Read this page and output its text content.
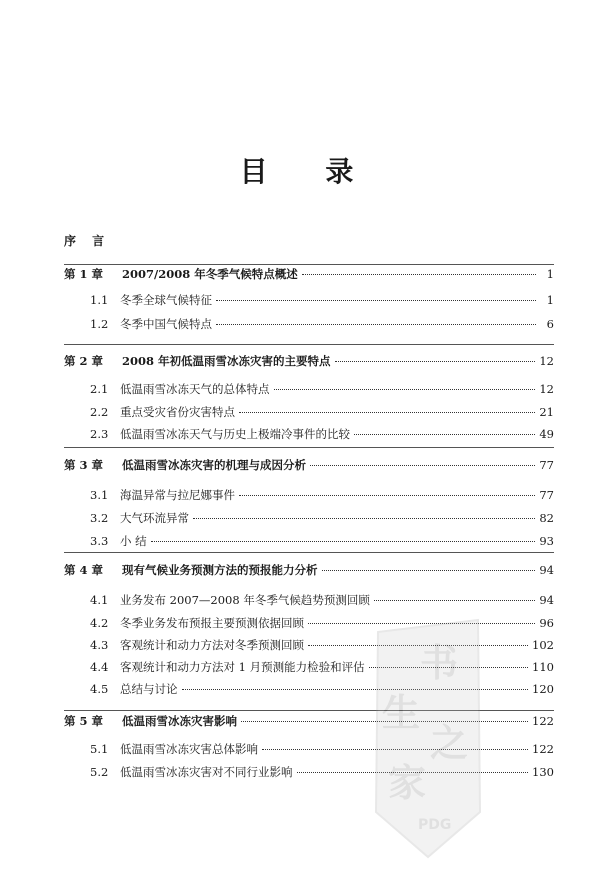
目 录
序 言
第 1 章	2007/2008 年冬季气候特点概述	1
1.1	冬季全球气候特征	1
1.2	冬季中国气候特点	6
第 2 章	2008 年初低温雨雪冰冻灾害的主要特点	12
2.1	低温雨雪冰冻天气的总体特点	12
2.2	重点受灾省份灾害特点	21
2.3	低温雨雪冰冻天气与历史上极端冷事件的比较	49
第 3 章	低温雨雪冰冻灾害的机理与成因分析	77
3.1	海温异常与拉尼娜事件	77
3.2	大气环流异常	82
3.3	小 结	93
第 4 章	现有气候业务预测方法的预报能力分析	94
4.1	业务发布 2007—2008 年冬季气候趋势预测回顾	94
4.2	冬季业务发布预报主要预测依据回顾	96
4.3	客观统计和动力方法对冬季预测回顾	102
4.4	客观统计和动力方法对 1 月预测能力检验和评估	110
4.5	总结与讨论	120
第 5 章	低温雨雪冰冻灾害影响	122
5.1	低温雨雪冰冻灾害总体影响	122
5.2	低温雨雪冰冻灾害对不同行业影响	130
书
生
之
家
PDG
